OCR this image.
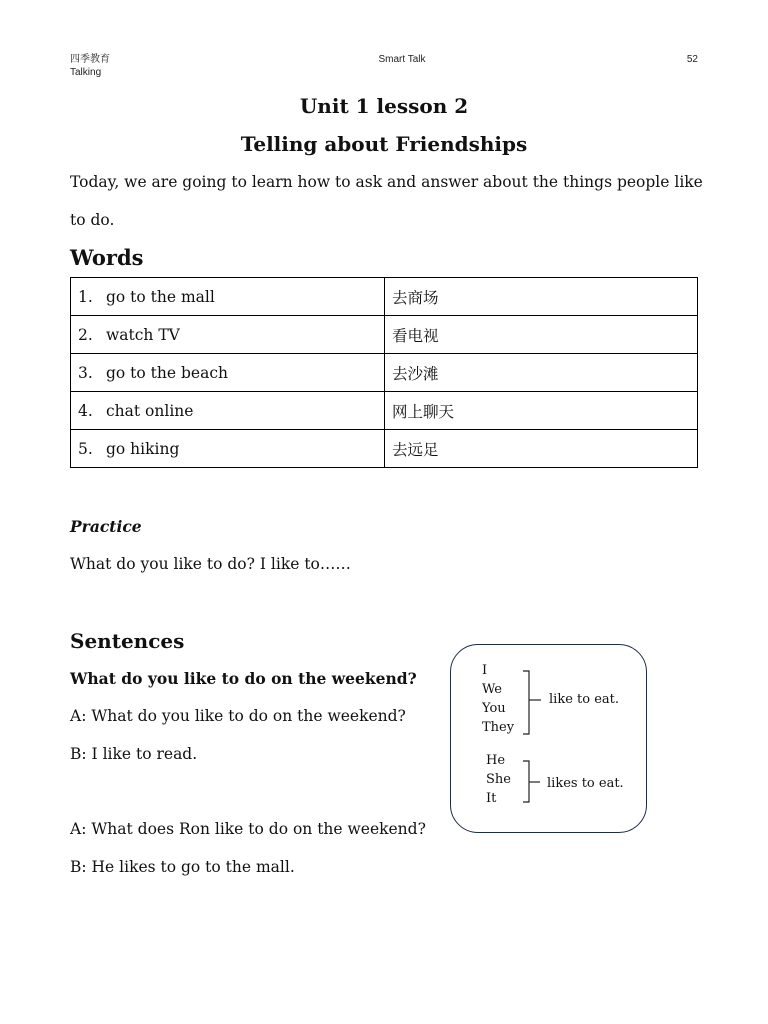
四季教育
Talking
Smart Talk	52
Unit 1 lesson 2
Telling about Friendships
Today, we are going to learn how to ask and answer about the things people like
to do.
Words
1. go to the mall	去商场
2. watch TV	看电视
3. go to the beach	去沙滩
4. chat online	网上聊天
5. go hiking	去远足
Practice
What do you like to do? I like to……
Sentences
What do you like to do on the weekend?
A: What do you like to do on the weekend?
B: I like to read.
A: What does Ron like to do on the weekend?
B: He likes to go to the mall.
I
We
You
They
like to eat.
He
She
It
likes to eat.
